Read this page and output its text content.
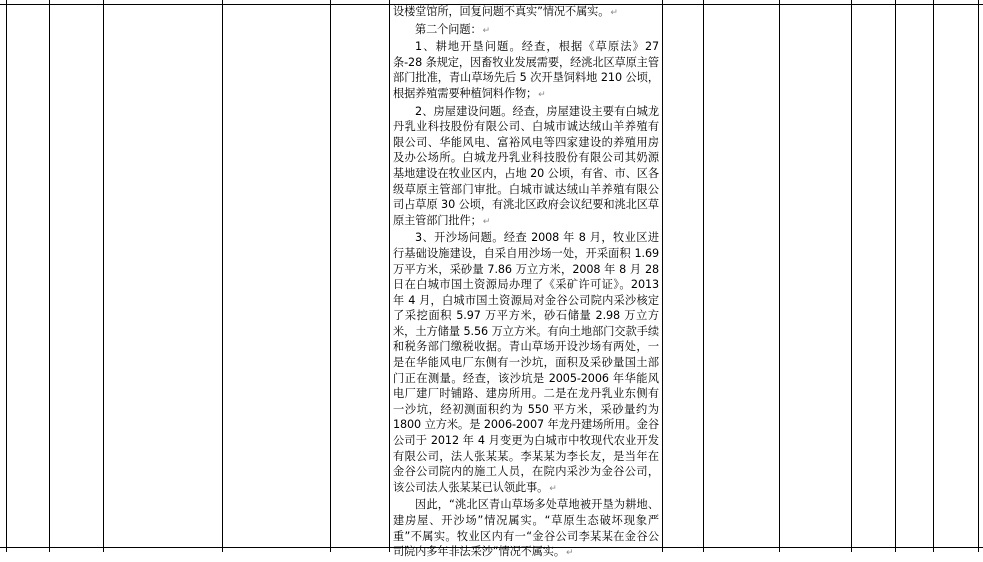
设楼堂馆所，回复问题不真实”情况不属实。↵

第二个问题：↵

1、耕地开垦问题。经查，根据《草原法》27条-28 条规定，因畜牧业发展需要，经洮北区草原主管部门批准，青山草场先后 5 次开垦饲料地 210 公顷，根据养殖需要种植饲料作物；↵

2、房屋建设问题。经查，房屋建设主要有白城龙丹乳业科技股份有限公司、白城市诚达绒山羊养殖有限公司、华能风电、富裕风电等四家建设的养殖用房及办公场所。白城龙丹乳业科技股份有限公司其奶源基地建设在牧业区内，占地 20 公顷，有省、市、区各级草原主管部门审批。白城市诚达绒山羊养殖有限公司占草原 30 公顷，有洮北区政府会议纪要和洮北区草原主管部门批件；↵

3、开沙场问题。经查 2008 年 8 月，牧业区进行基础设施建设，自采自用沙场一处，开采面积 1.69 万平方米，采砂量 7.86 万立方米，2008 年 8 月 28 日在白城市国土资源局办理了《采矿许可证》。2013 年 4 月，白城市国土资源局对金谷公司院内采沙核定了采挖面积 5.97 万平方米，砂石储量 2.98 万立方米，土方储量 5.56 万立方米。有向土地部门交款手续和税务部门缴税收据。青山草场开设沙场有两处，一是在华能风电厂东侧有一沙坑，面积及采砂量国土部门正在测量。经查，该沙坑是 2005-2006 年华能风电厂建厂时铺路、建房所用。二是在龙丹乳业东侧有一沙坑，经初测面积约为 550 平方米，采砂量约为 1800 立方米。是 2006-2007 年龙丹建场所用。金谷公司于 2012 年 4 月变更为白城市中牧现代农业开发有限公司，法人张某某。李某某为李长友，是当年在金谷公司院内的施工人员，在院内采沙为金谷公司，该公司法人张某某已认领此事。↵

因此，“洮北区青山草场多处草地被开垦为耕地、建房屋、开沙场”情况属实。“草原生态破坏现象严重”不属实。牧业区内有一“金谷公司李某某在金谷公司院内多年非法采沙”情况不属实。↵
